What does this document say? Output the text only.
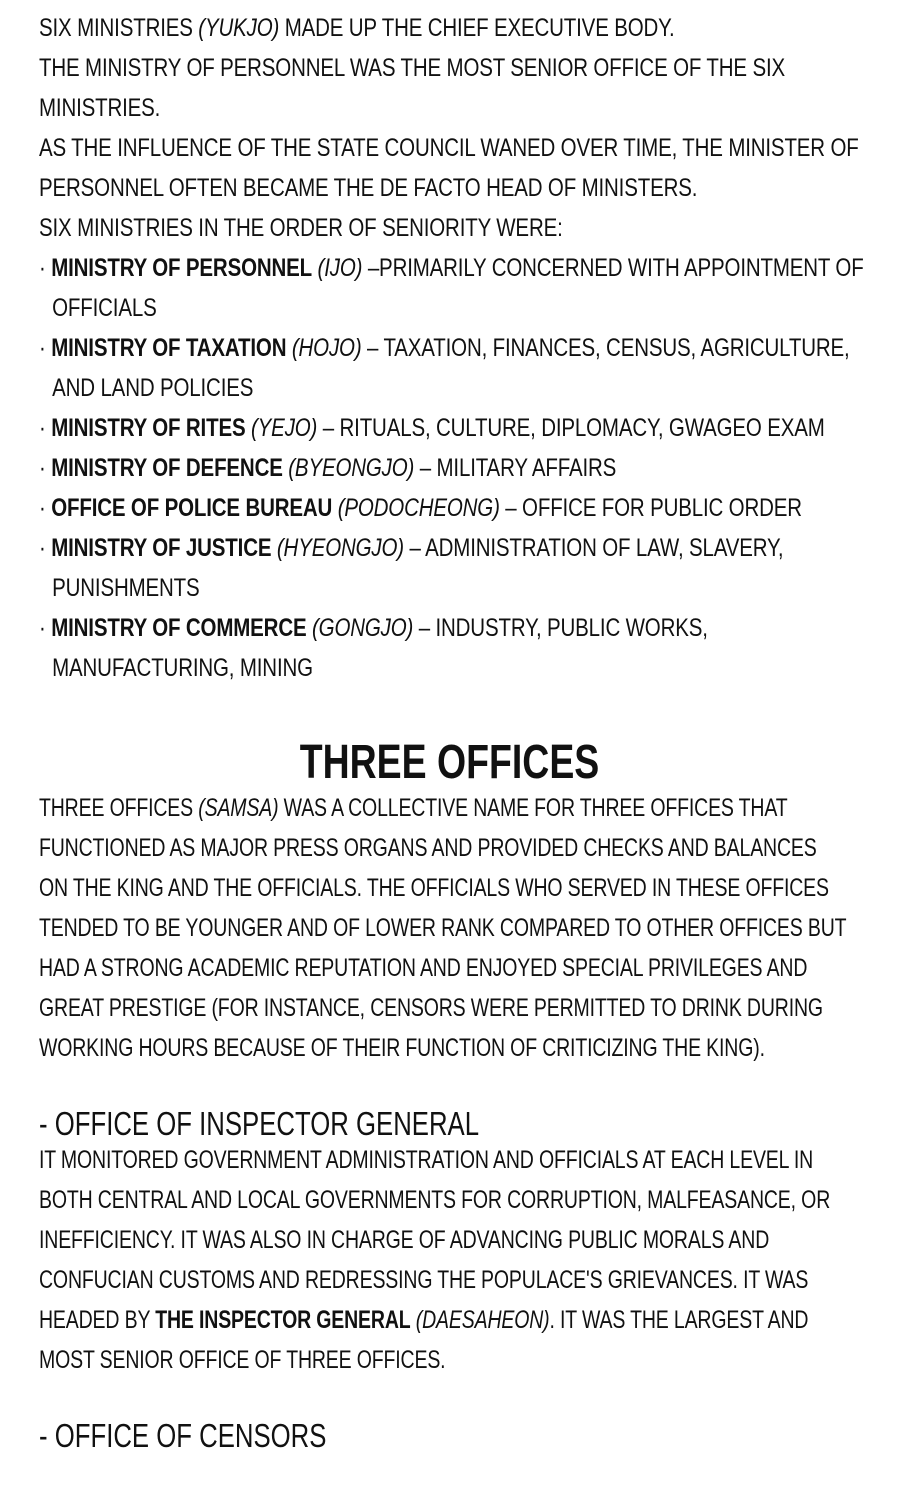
SIX MINISTRIES (YUKJO) MADE UP THE CHIEF EXECUTIVE BODY.
THE MINISTRY OF PERSONNEL WAS THE MOST SENIOR OFFICE OF THE SIX MINISTRIES.
AS THE INFLUENCE OF THE STATE COUNCIL WANED OVER TIME, THE MINISTER OF PERSONNEL OFTEN BECAME THE DE FACTO HEAD OF MINISTERS.
SIX MINISTRIES IN THE ORDER OF SENIORITY WERE:
· MINISTRY OF PERSONNEL (IJO) –PRIMARILY CONCERNED WITH APPOINTMENT OF OFFICIALS
· MINISTRY OF TAXATION (HOJO) – TAXATION, FINANCES, CENSUS, AGRICULTURE, AND LAND POLICIES
· MINISTRY OF RITES (YEJO) – RITUALS, CULTURE, DIPLOMACY, GWAGEO EXAM
· MINISTRY OF DEFENCE (BYEONGJO) – MILITARY AFFAIRS
· OFFICE OF POLICE BUREAU (PODOCHEONG) – OFFICE FOR PUBLIC ORDER
· MINISTRY OF JUSTICE (HYEONGJO) – ADMINISTRATION OF LAW, SLAVERY, PUNISHMENTS
· MINISTRY OF COMMERCE (GONGJO) – INDUSTRY, PUBLIC WORKS, MANUFACTURING, MINING
THREE OFFICES
THREE OFFICES (SAMSA) WAS A COLLECTIVE NAME FOR THREE OFFICES THAT FUNCTIONED AS MAJOR PRESS ORGANS AND PROVIDED CHECKS AND BALANCES ON THE KING AND THE OFFICIALS. THE OFFICIALS WHO SERVED IN THESE OFFICES TENDED TO BE YOUNGER AND OF LOWER RANK COMPARED TO OTHER OFFICES BUT HAD A STRONG ACADEMIC REPUTATION AND ENJOYED SPECIAL PRIVILEGES AND GREAT PRESTIGE (FOR INSTANCE, CENSORS WERE PERMITTED TO DRINK DURING WORKING HOURS BECAUSE OF THEIR FUNCTION OF CRITICIZING THE KING).
- OFFICE OF INSPECTOR GENERAL
IT MONITORED GOVERNMENT ADMINISTRATION AND OFFICIALS AT EACH LEVEL IN BOTH CENTRAL AND LOCAL GOVERNMENTS FOR CORRUPTION, MALFEASANCE, OR INEFFICIENCY. IT WAS ALSO IN CHARGE OF ADVANCING PUBLIC MORALS AND CONFUCIAN CUSTOMS AND REDRESSING THE POPULACE'S GRIEVANCES. IT WAS HEADED BY THE INSPECTOR GENERAL (DAESAHEON). IT WAS THE LARGEST AND MOST SENIOR OFFICE OF THREE OFFICES.
- OFFICE OF CENSORS
